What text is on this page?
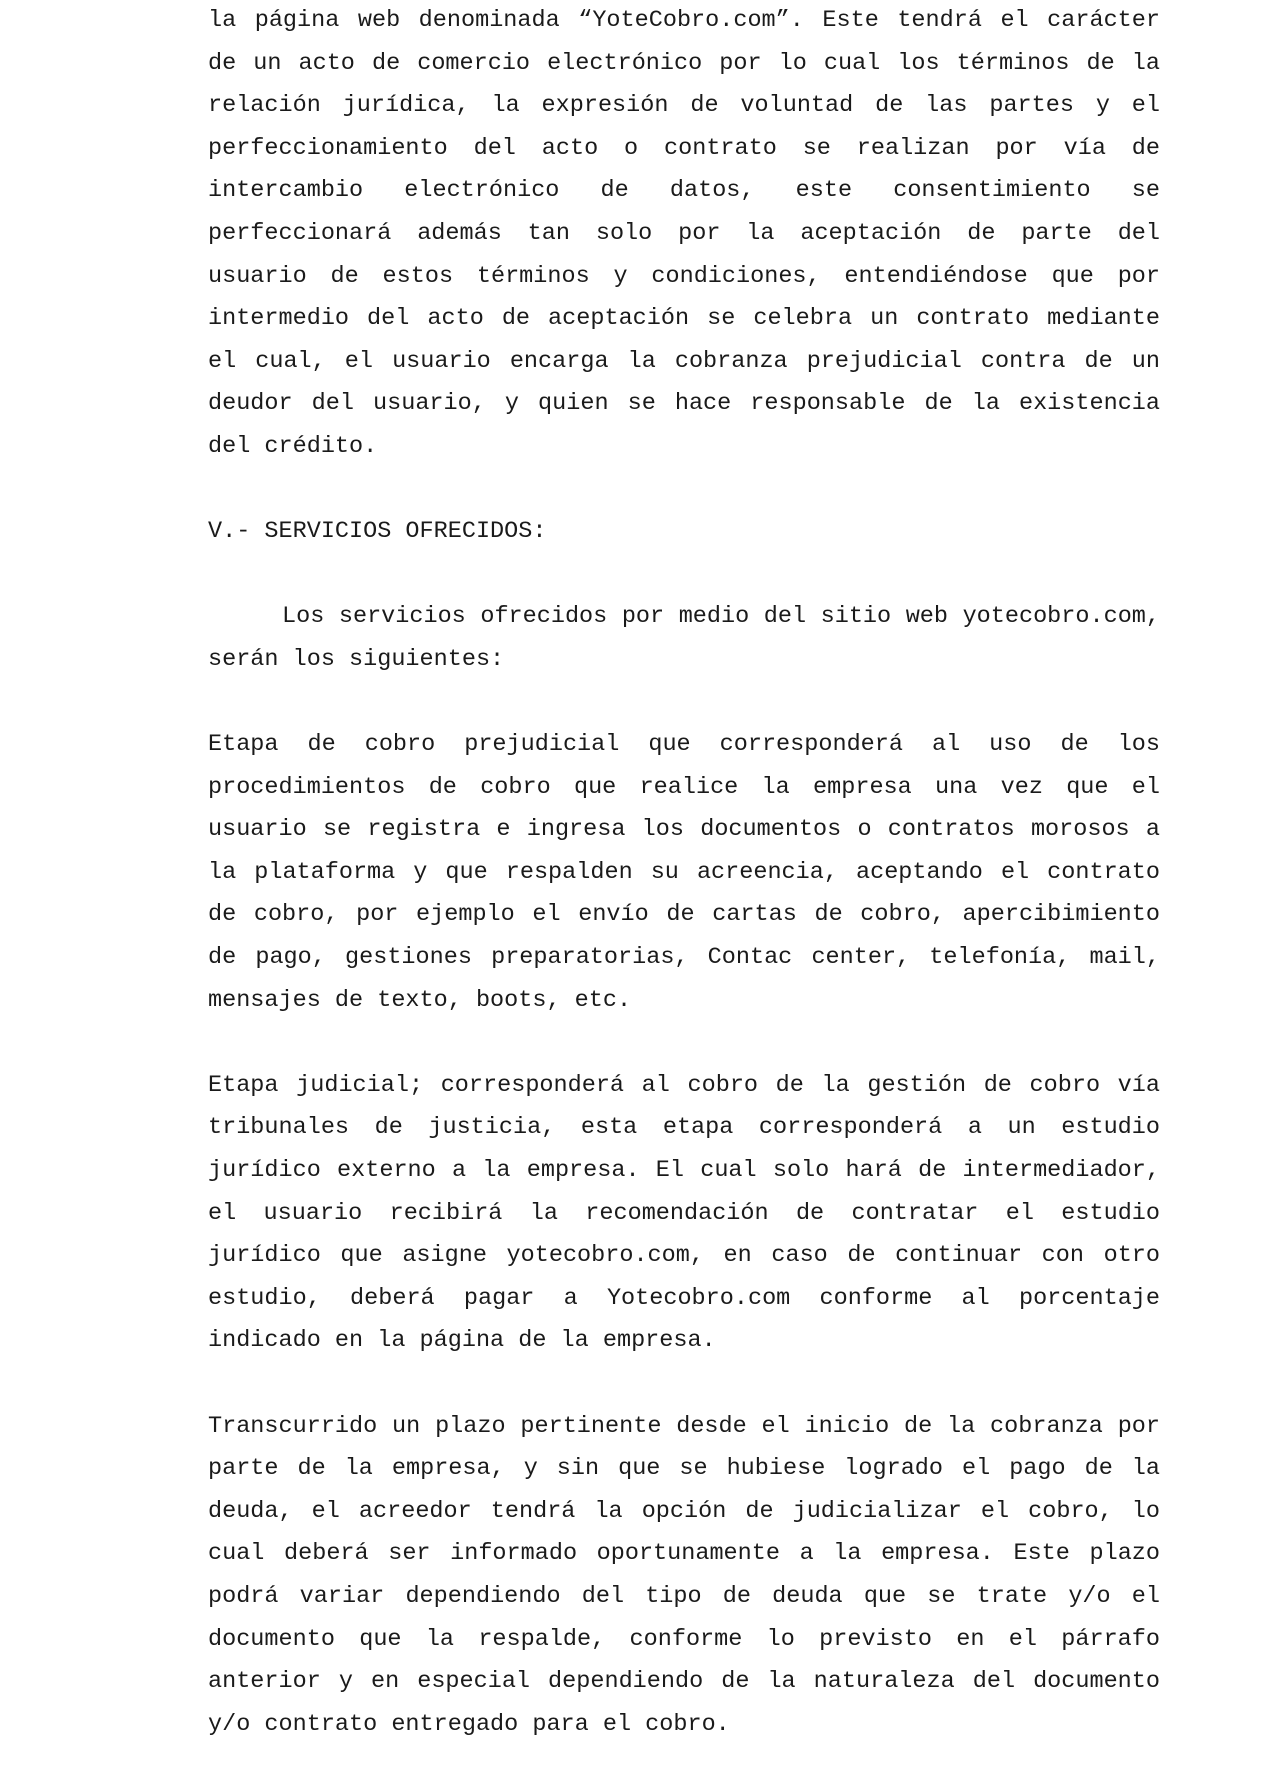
la página web denominada “YoteCobro.com”. Este tendrá el carácter de un acto de comercio electrónico por lo cual los términos de la relación jurídica, la expresión de voluntad de las partes y el perfeccionamiento del acto o contrato se realizan por vía de intercambio electrónico de datos, este consentimiento se perfeccionará además tan solo por la aceptación de parte del usuario de estos términos y condiciones, entendiéndose que por intermedio del acto de aceptación se celebra un contrato mediante el cual, el usuario encarga la cobranza prejudicial contra de un deudor del usuario, y quien se hace responsable de la existencia del crédito.

V.- SERVICIOS OFRECIDOS:

Los servicios ofrecidos por medio del sitio web yotecobro.com, serán los siguientes:

Etapa de cobro prejudicial que corresponderá al uso de los procedimientos de cobro que realice la empresa una vez que el usuario se registra e ingresa los documentos o contratos morosos a la plataforma y que respalden su acreencia, aceptando el contrato de cobro, por ejemplo el envío de cartas de cobro, apercibimiento de pago, gestiones preparatorias, Contac center, telefonía, mail, mensajes de texto, boots, etc.

Etapa judicial; corresponderá al cobro de la gestión de cobro vía tribunales de justicia, esta etapa corresponderá a un estudio jurídico externo a la empresa. El cual solo hará de intermediador, el usuario recibirá la recomendación de contratar el estudio jurídico que asigne yotecobro.com, en caso de continuar con otro estudio, deberá pagar a Yotecobro.com conforme al porcentaje indicado en la página de la empresa.

Transcurrido un plazo pertinente desde el inicio de la cobranza por parte de la empresa, y sin que se hubiese logrado el pago de la deuda, el acreedor tendrá la opción de judicializar el cobro, lo cual deberá ser informado oportunamente a la empresa. Este plazo podrá variar dependiendo del tipo de deuda que se trate y/o el documento que la respalde, conforme lo previsto en el párrafo anterior y en especial dependiendo de la naturaleza del documento y/o contrato entregado para el cobro.
